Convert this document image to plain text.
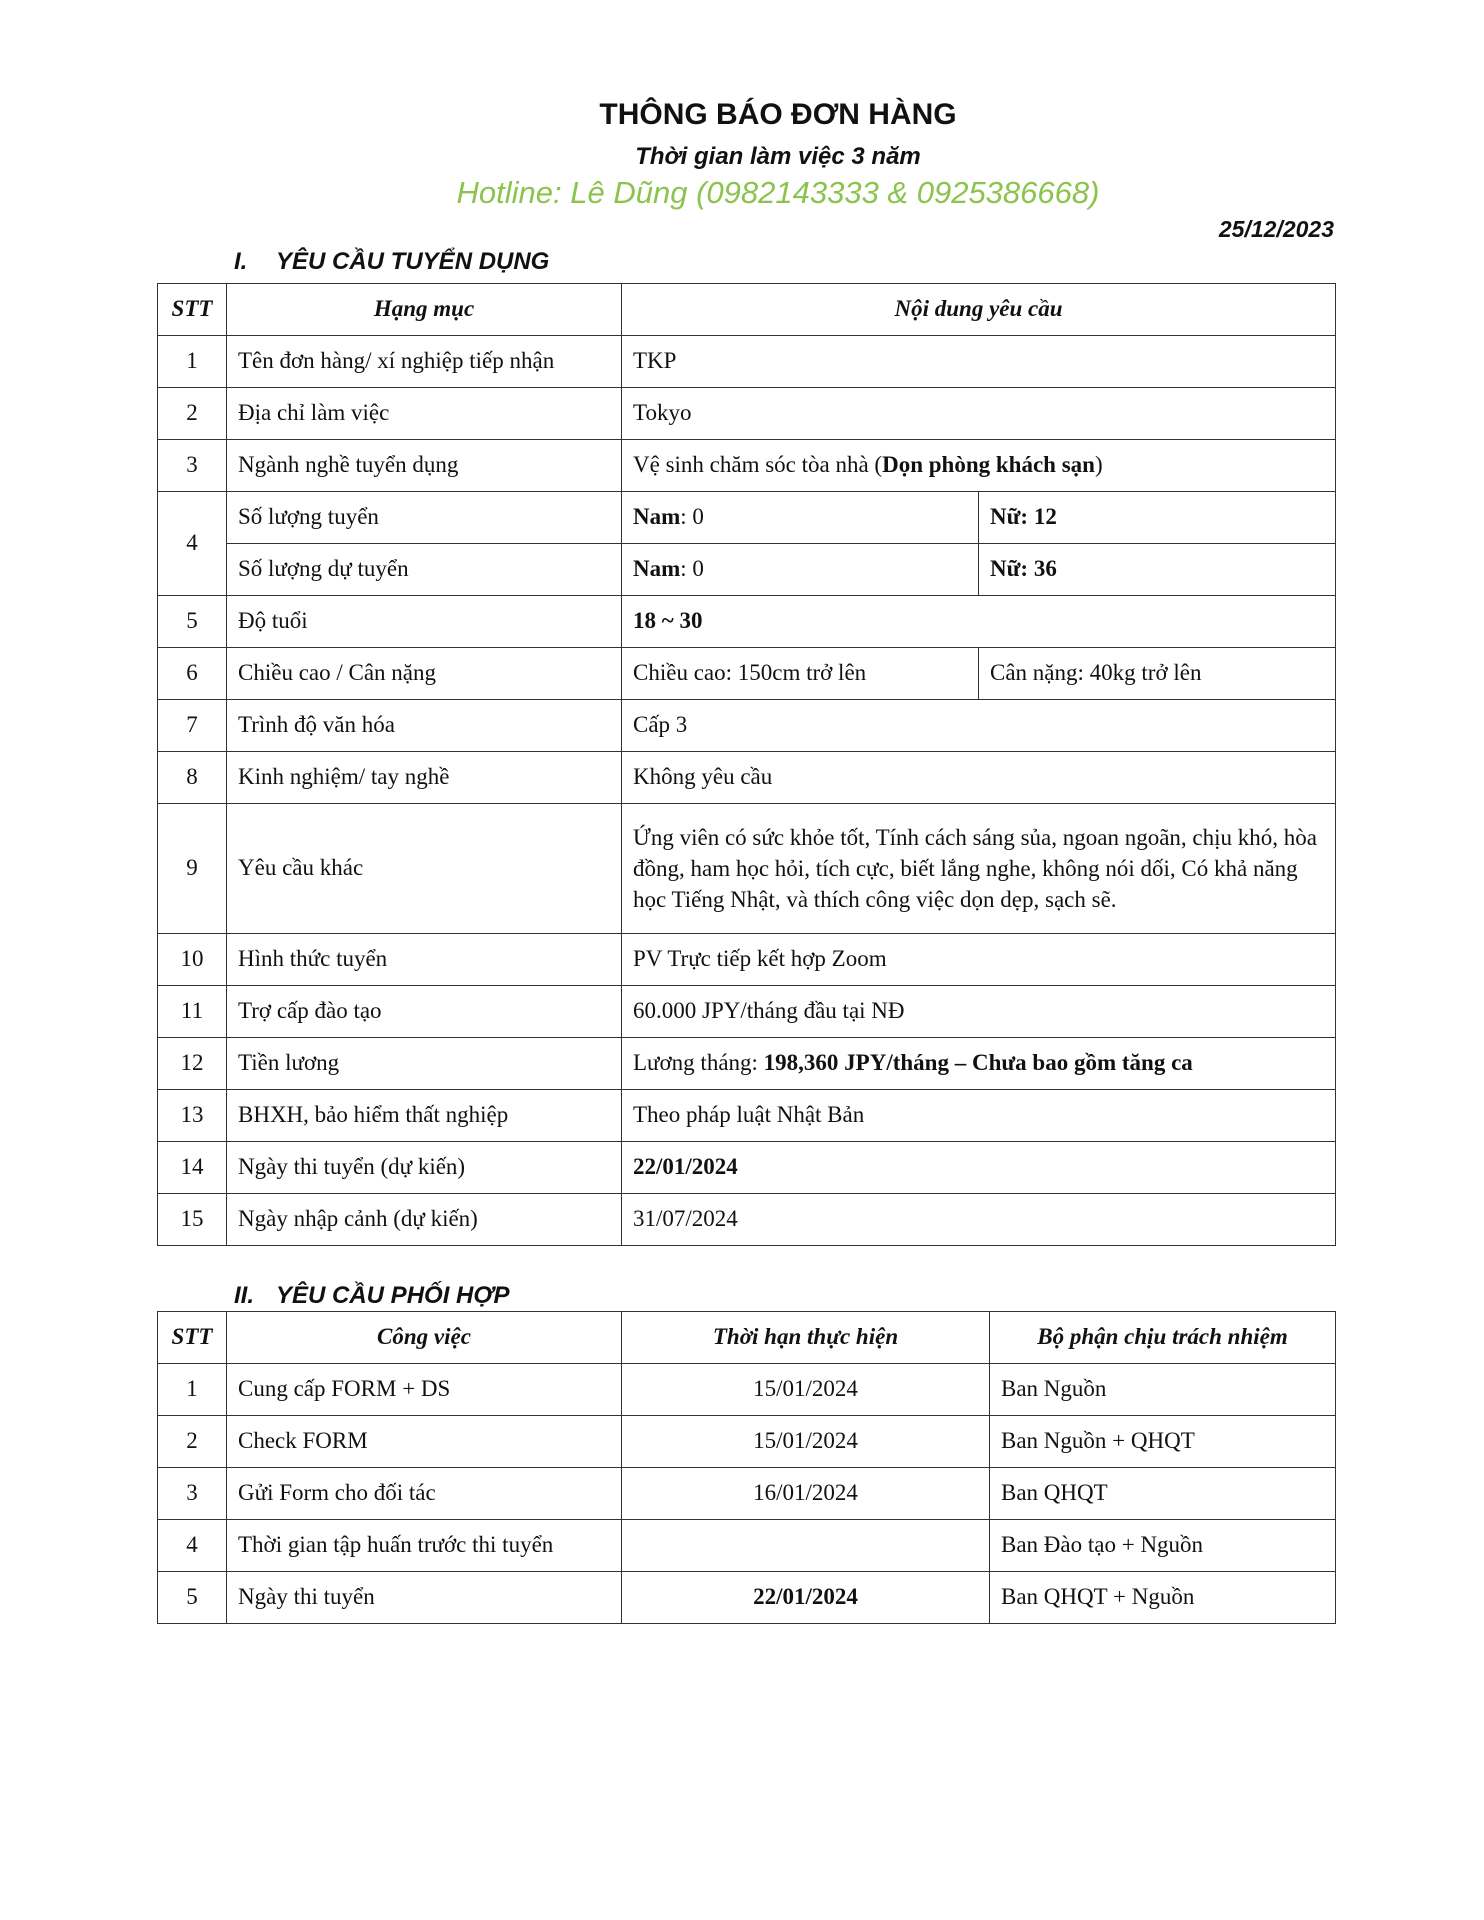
THÔNG BÁO ĐƠN HÀNG
Thời gian làm việc 3 năm
Hotline: Lê Dũng (0982143333 & 0925386668)
25/12/2023
I. YÊU CẦU TUYỂN DỤNG
STT	Hạng mục	Nội dung yêu cầu	
1	Tên đơn hàng/ xí nghiệp tiếp nhận	TKP	
2	Địa chỉ làm việc	Tokyo	
3	Ngành nghề tuyển dụng	Vệ sinh chăm sóc tòa nhà (Dọn phòng khách sạn)	
4	Số lượng tuyển	Nam: 0	Nữ: 12
	Số lượng dự tuyển	Nam: 0	Nữ: 36
5	Độ tuổi	18 ~ 30	
6	Chiều cao / Cân nặng	Chiều cao: 150cm trở lên	Cân nặng: 40kg trở lên
7	Trình độ văn hóa	Cấp 3	
8	Kinh nghiệm/ tay nghề	Không yêu cầu	
9	Yêu cầu khác	Ứng viên có sức khỏe tốt, Tính cách sáng sủa, ngoan ngoãn, chịu khó, hòa đồng, ham học hỏi, tích cực, biết lắng nghe, không nói dối, Có khả năng học Tiếng Nhật, và thích công việc dọn dẹp, sạch sẽ.	
10	Hình thức tuyển	PV Trực tiếp kết hợp Zoom	
11	Trợ cấp đào tạo	60.000 JPY/tháng đầu tại NĐ	
12	Tiền lương	Lương tháng: 198,360 JPY/tháng – Chưa bao gồm tăng ca	
13	BHXH, bảo hiểm thất nghiệp	Theo pháp luật Nhật Bản	
14	Ngày thi tuyển (dự kiến)	22/01/2024	
15	Ngày nhập cảnh (dự kiến)	31/07/2024	
II. YÊU CẦU PHỐI HỢP
STT	Công việc	Thời hạn thực hiện	Bộ phận chịu trách nhiệm
1	Cung cấp FORM + DS	15/01/2024	Ban Nguồn
2	Check FORM	15/01/2024	Ban Nguồn + QHQT
3	Gửi Form cho đối tác	16/01/2024	Ban QHQT
4	Thời gian tập huấn trước thi tuyển		Ban Đào tạo + Nguồn
5	Ngày thi tuyển	22/01/2024	Ban QHQT + Nguồn
